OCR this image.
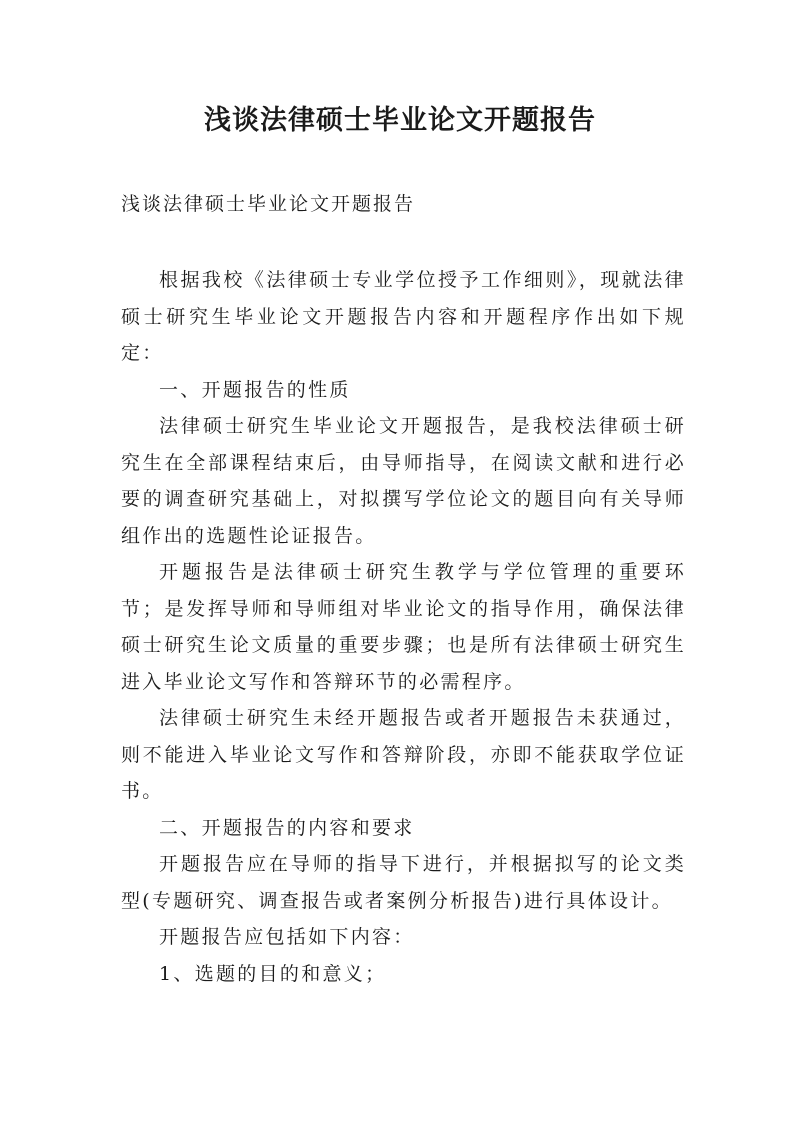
浅谈法律硕士毕业论文开题报告
浅谈法律硕士毕业论文开题报告

根据我校《法律硕士专业学位授予工作细则》，现就法律硕士研究生毕业论文开题报告内容和开题程序作出如下规定：

一、开题报告的性质

法律硕士研究生毕业论文开题报告，是我校法律硕士研究生在全部课程结束后，由导师指导，在阅读文献和进行必要的调查研究基础上，对拟撰写学位论文的题目向有关导师组作出的选题性论证报告。

开题报告是法律硕士研究生教学与学位管理的重要环节；是发挥导师和导师组对毕业论文的指导作用，确保法律硕士研究生论文质量的重要步骤；也是所有法律硕士研究生进入毕业论文写作和答辩环节的必需程序。

法律硕士研究生未经开题报告或者开题报告未获通过，则不能进入毕业论文写作和答辩阶段，亦即不能获取学位证书。

二、开题报告的内容和要求

开题报告应在导师的指导下进行，并根据拟写的论文类型(专题研究、调查报告或者案例分析报告)进行具体设计。

开题报告应包括如下内容：

1、选题的目的和意义；
